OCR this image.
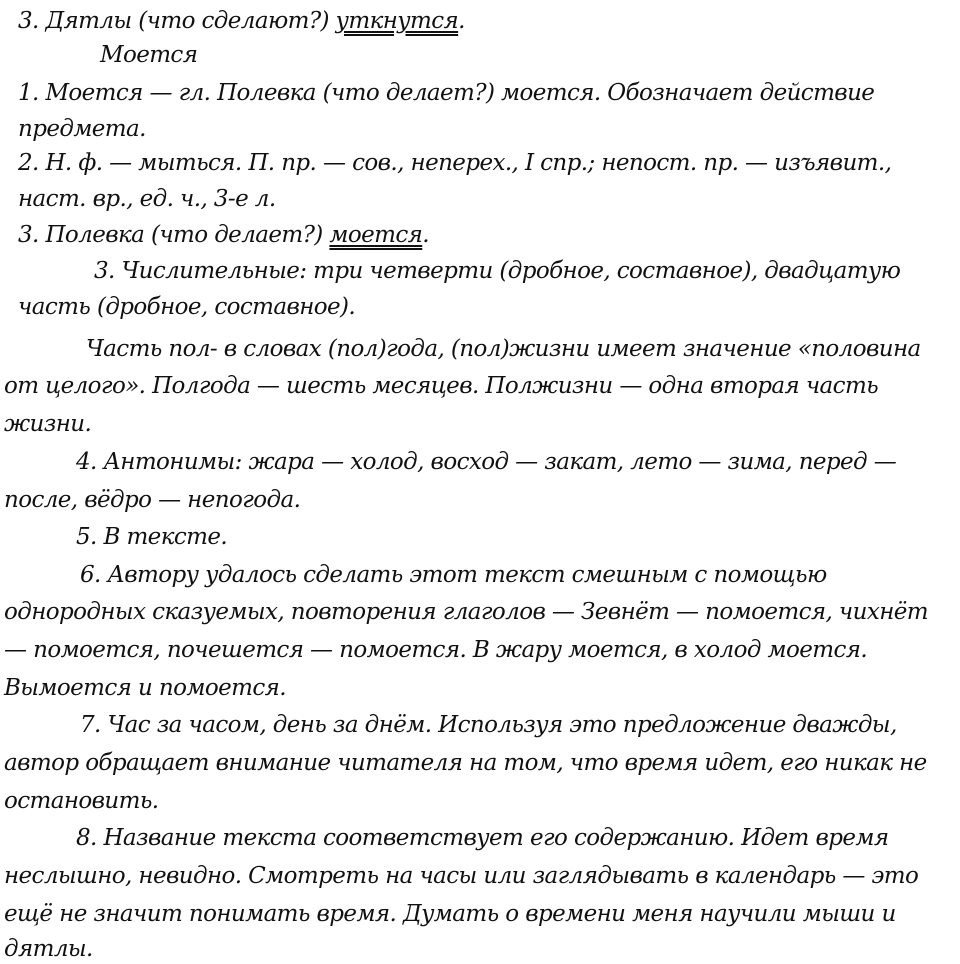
3. Дятлы (что сделают?) уткнутся.
Моется
1. Моется — гл. Полевка (что делает?) моется. Обозначает действие
предмета.
2. Н. ф. — мыться. П. пр. — сов., неперех., I спр.; непост. пр. — изъявит.,
наст. вр., ед. ч., 3-е л.
3. Полевка (что делает?) моется.
3. Числительные: три четверти (дробное, составное), двадцатую
часть (дробное, составное).
Часть пол- в словах (пол)года, (пол)жизни имеет значение «половина
от целого». Полгода — шесть месяцев. Полжизни — одна вторая часть
жизни.
4. Антонимы: жара — холод, восход — закат, лето — зима, перед —
после, вёдро — непогода.
5. В тексте.
6. Автору удалось сделать этот текст смешным с помощью
однородных сказуемых, повторения глаголов — Зевнёт — помоется, чихнёт
— помоется, почешется — помоется. В жару моется, в холод моется.
Вымоется и помоется.
7. Час за часом, день за днём. Используя это предложение дважды,
автор обращает внимание читателя на том, что время идет, его никак не
остановить.
8. Название текста соответствует его содержанию. Идет время
неслышно, невидно. Смотреть на часы или заглядывать в календарь — это
ещё не значит понимать время. Думать о времени меня научили мыши и
дятлы.
